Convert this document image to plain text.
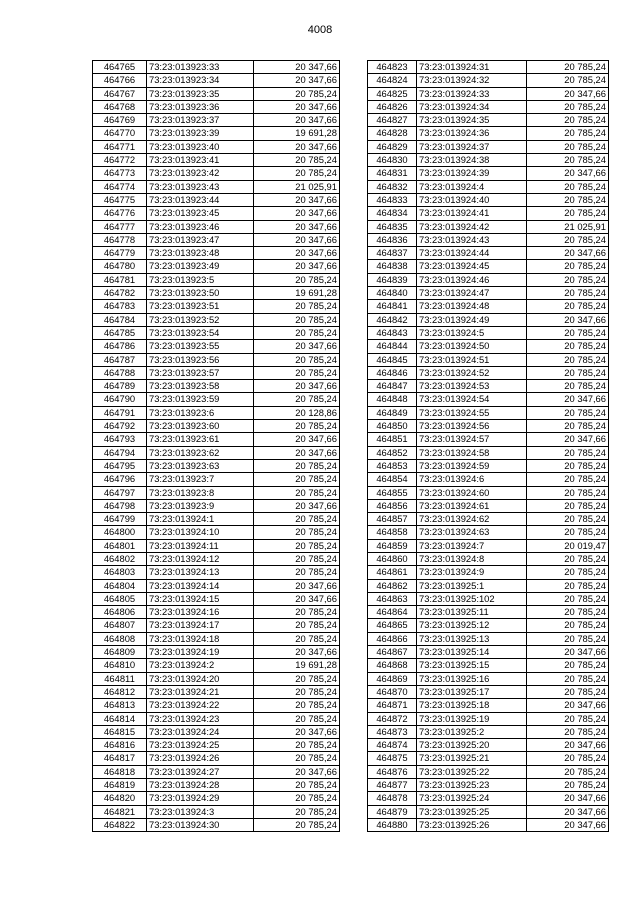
4008
464765	73:23:013923:33	20 347,66
464766	73:23:013923:34	20 347,66
464767	73:23:013923:35	20 785,24
464768	73:23:013923:36	20 347,66
464769	73:23:013923:37	20 347,66
464770	73:23:013923:39	19 691,28
464771	73:23:013923:40	20 347,66
464772	73:23:013923:41	20 785,24
464773	73:23:013923:42	20 785,24
464774	73:23:013923:43	21 025,91
464775	73:23:013923:44	20 347,66
464776	73:23:013923:45	20 347,66
464777	73:23:013923:46	20 347,66
464778	73:23:013923:47	20 347,66
464779	73:23:013923:48	20 347,66
464780	73:23:013923:49	20 347,66
464781	73:23:013923:5	20 785,24
464782	73:23:013923:50	19 691,28
464783	73:23:013923:51	20 785,24
464784	73:23:013923:52	20 785,24
464785	73:23:013923:54	20 785,24
464786	73:23:013923:55	20 347,66
464787	73:23:013923:56	20 785,24
464788	73:23:013923:57	20 785,24
464789	73:23:013923:58	20 347,66
464790	73:23:013923:59	20 785,24
464791	73:23:013923:6	20 128,86
464792	73:23:013923:60	20 785,24
464793	73:23:013923:61	20 347,66
464794	73:23:013923:62	20 347,66
464795	73:23:013923:63	20 785,24
464796	73:23:013923:7	20 785,24
464797	73:23:013923:8	20 785,24
464798	73:23:013923:9	20 347,66
464799	73:23:013924:1	20 785,24
464800	73:23:013924:10	20 785,24
464801	73:23:013924:11	20 785,24
464802	73:23:013924:12	20 785,24
464803	73:23:013924:13	20 785,24
464804	73:23:013924:14	20 347,66
464805	73:23:013924:15	20 347,66
464806	73:23:013924:16	20 785,24
464807	73:23:013924:17	20 785,24
464808	73:23:013924:18	20 785,24
464809	73:23:013924:19	20 347,66
464810	73:23:013924:2	19 691,28
464811	73:23:013924:20	20 785,24
464812	73:23:013924:21	20 785,24
464813	73:23:013924:22	20 785,24
464814	73:23:013924:23	20 785,24
464815	73:23:013924:24	20 347,66
464816	73:23:013924:25	20 785,24
464817	73:23:013924:26	20 785,24
464818	73:23:013924:27	20 347,66
464819	73:23:013924:28	20 785,24
464820	73:23:013924:29	20 785,24
464821	73:23:013924:3	20 785,24
464822	73:23:013924:30	20 785,24
464823	73:23:013924:31	20 785,24
464824	73:23:013924:32	20 785,24
464825	73:23:013924:33	20 347,66
464826	73:23:013924:34	20 785,24
464827	73:23:013924:35	20 785,24
464828	73:23:013924:36	20 785,24
464829	73:23:013924:37	20 785,24
464830	73:23:013924:38	20 785,24
464831	73:23:013924:39	20 347,66
464832	73:23:013924:4	20 785,24
464833	73:23:013924:40	20 785,24
464834	73:23:013924:41	20 785,24
464835	73:23:013924:42	21 025,91
464836	73:23:013924:43	20 785,24
464837	73:23:013924:44	20 347,66
464838	73:23:013924:45	20 785,24
464839	73:23:013924:46	20 785,24
464840	73:23:013924:47	20 785,24
464841	73:23:013924:48	20 785,24
464842	73:23:013924:49	20 347,66
464843	73:23:013924:5	20 785,24
464844	73:23:013924:50	20 785,24
464845	73:23:013924:51	20 785,24
464846	73:23:013924:52	20 785,24
464847	73:23:013924:53	20 785,24
464848	73:23:013924:54	20 347,66
464849	73:23:013924:55	20 785,24
464850	73:23:013924:56	20 785,24
464851	73:23:013924:57	20 347,66
464852	73:23:013924:58	20 785,24
464853	73:23:013924:59	20 785,24
464854	73:23:013924:6	20 785,24
464855	73:23:013924:60	20 785,24
464856	73:23:013924:61	20 785,24
464857	73:23:013924:62	20 785,24
464858	73:23:013924:63	20 785,24
464859	73:23:013924:7	20 019,47
464860	73:23:013924:8	20 785,24
464861	73:23:013924:9	20 785,24
464862	73:23:013925:1	20 785,24
464863	73:23:013925:102	20 785,24
464864	73:23:013925:11	20 785,24
464865	73:23:013925:12	20 785,24
464866	73:23:013925:13	20 785,24
464867	73:23:013925:14	20 347,66
464868	73:23:013925:15	20 785,24
464869	73:23:013925:16	20 785,24
464870	73:23:013925:17	20 785,24
464871	73:23:013925:18	20 347,66
464872	73:23:013925:19	20 785,24
464873	73:23:013925:2	20 785,24
464874	73:23:013925:20	20 347,66
464875	73:23:013925:21	20 785,24
464876	73:23:013925:22	20 785,24
464877	73:23:013925:23	20 785,24
464878	73:23:013925:24	20 347,66
464879	73:23:013925:25	20 347,66
464880	73:23:013925:26	20 347,66
